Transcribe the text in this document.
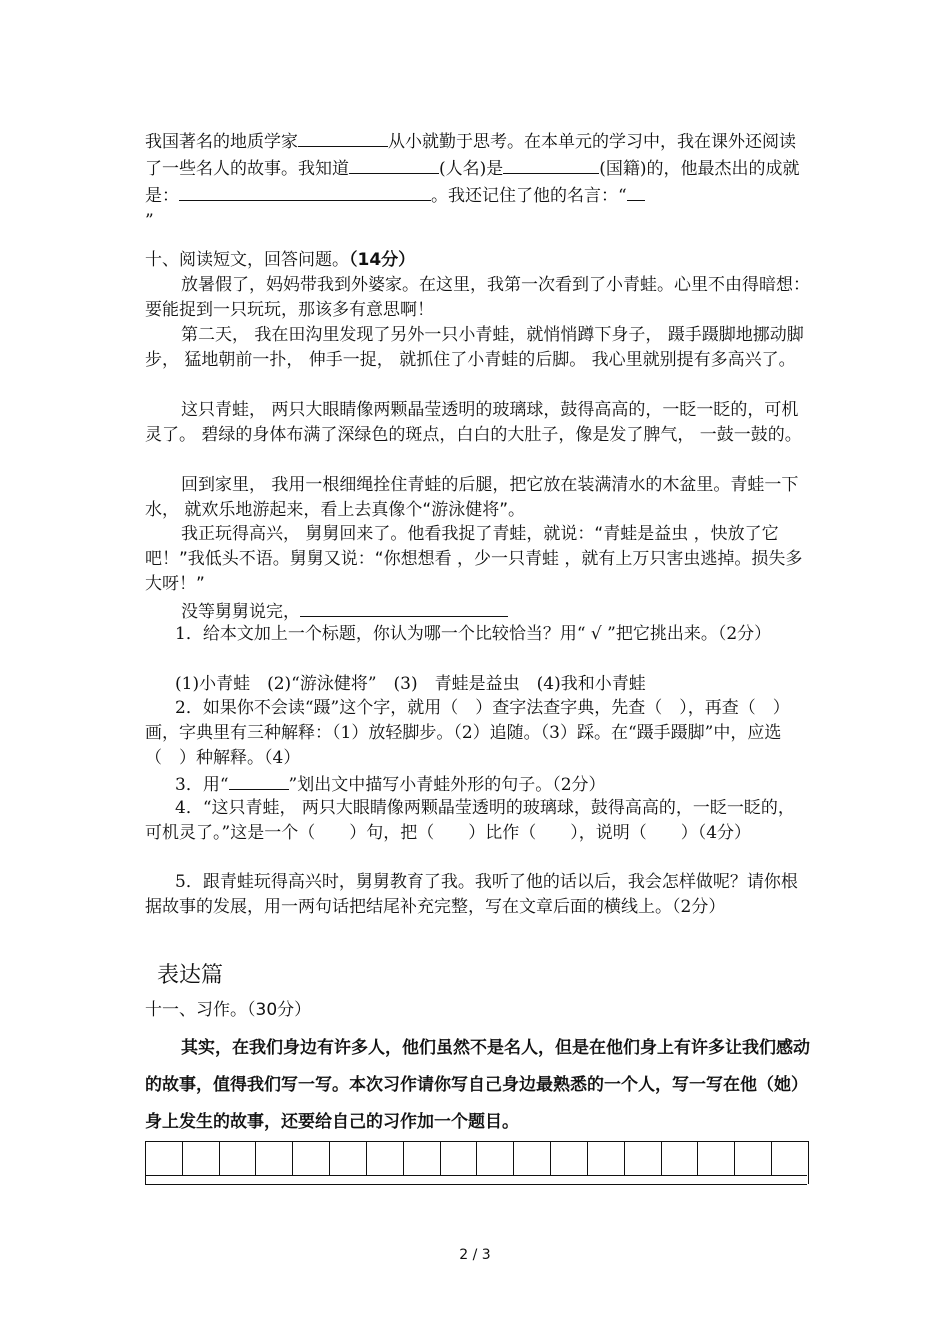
我国著名的地质学家	从小就勤于思考。在本单元的学习中，我在课外还阅读了一些名人的故事。我知道	(人名)是	(国籍)的，他最杰出的成就是：	。我还记住了他的名言：“
”
十、阅读短文，回答问题。（14分）
放暑假了，妈妈带我到外婆家。在这里，我第一次看到了小青蛙。心里不由得暗想：要能捉到一只玩玩，那该多有意思啊！
第二天， 我在田沟里发现了另外一只小青蛙，就悄悄蹲下身子， 蹑手蹑脚地挪动脚步， 猛地朝前一扑， 伸手一捉， 就抓住了小青蛙的后脚。 我心里就别提有多高兴了。
这只青蛙， 两只大眼睛像两颗晶莹透明的玻璃球，鼓得高高的，一眨一眨的，可机灵了。 碧绿的身体布满了深绿色的斑点，白白的大肚子，像是发了脾气， 一鼓一鼓的。
回到家里， 我用一根细绳拴住青蛙的后腿，把它放在装满清水的木盆里。青蛙一下水， 就欢乐地游起来，看上去真像个“游泳健将”。
我正玩得高兴， 舅舅回来了。他看我捉了青蛙，就说：“青蛙是益虫 ，快放了它吧！”我低头不语。舅舅又说：“你想想看 ，少一只青蛙 ，就有上万只害虫逃掉。损失多大呀！”
没等舅舅说完，
1．给本文加上一个标题，你认为哪一个比较恰当？用“ √ ”把它挑出来。（2分）
(1)小青蛙　(2)“游泳健将”　(3)　青蛙是益虫　(4)我和小青蛙
2．如果你不会读“蹑”这个字，就用（　）查字法查字典，先查（　），再查（　）画，字典里有三种解释：（1）放轻脚步。（2）追随。（3）踩。在“蹑手蹑脚”中，应选（　）种解释。（4）
3．用“	”划出文中描写小青蛙外形的句子。（2分）
4．“这只青蛙， 两只大眼睛像两颗晶莹透明的玻璃球，鼓得高高的，一眨一眨的，可机灵了。”这是一个（　　）句，把（　　）比作（　　），说明（　　）（4分）
5．跟青蛙玩得高兴时，舅舅教育了我。我听了他的话以后，我会怎样做呢？请你根据故事的发展，用一两句话把结尾补充完整，写在文章后面的横线上。（2分）
表达篇
十一、习作。（30分）
其实，在我们身边有许多人，他们虽然不是名人，但是在他们身上有许多让我们感动的故事，值得我们写一写。本次习作请你写自己身边最熟悉的一个人，写一写在他（她）身上发生的故事，还要给自己的习作加一个题目。
2 / 3
